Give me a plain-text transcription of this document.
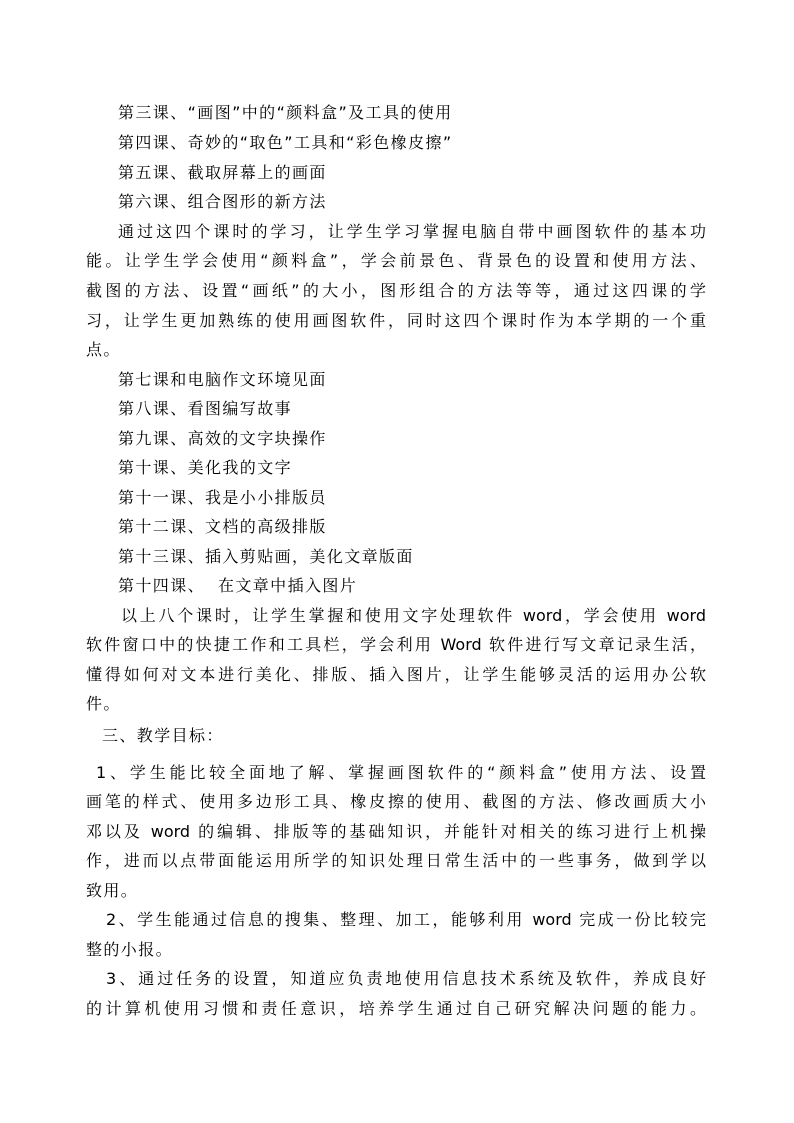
第三课、“画图”中的“颜料盒”及工具的使用
第四课、奇妙的“取色”工具和“彩色橡皮擦”
第五课、截取屏幕上的画面
第六课、组合图形的新方法
通过这四个课时的学习，让学生学习掌握电脑自带中画图软件的基本功
能。让学生学会使用“颜料盒”，学会前景色、背景色的设置和使用方法、
截图的方法、设置“画纸”的大小，图形组合的方法等等，通过这四课的学
习，让学生更加熟练的使用画图软件，同时这四个课时作为本学期的一个重
点。
第七课和电脑作文环境见面
第八课、看图编写故事
第九课、高效的文字块操作
第十课、美化我的文字
第十一课、我是小小排版员
第十二课、文档的高级排版
第十三课、插入剪贴画，美化文章版面
第十四课、  在文章中插入图片
以上八个课时，让学生掌握和使用文字处理软件 word，学会使用 word
软件窗口中的快捷工作和工具栏，学会利用 Word 软件进行写文章记录生活，
懂得如何对文本进行美化、排版、插入图片，让学生能够灵活的运用办公软
件。
三、教学目标：
1、学生能比较全面地了解、掌握画图软件的“颜料盒”使用方法、设置
画笔的样式、使用多边形工具、橡皮擦的使用、截图的方法、修改画质大小
邓以及 word 的编辑、排版等的基础知识，并能针对相关的练习进行上机操
作，进而以点带面能运用所学的知识处理日常生活中的一些事务，做到学以
致用。
2、学生能通过信息的搜集、整理、加工，能够利用 word 完成一份比较完
整的小报。
3、通过任务的设置，知道应负责地使用信息技术系统及软件，养成良好
的计算机使用习惯和责任意识，培养学生通过自己研究解决问题的能力。
